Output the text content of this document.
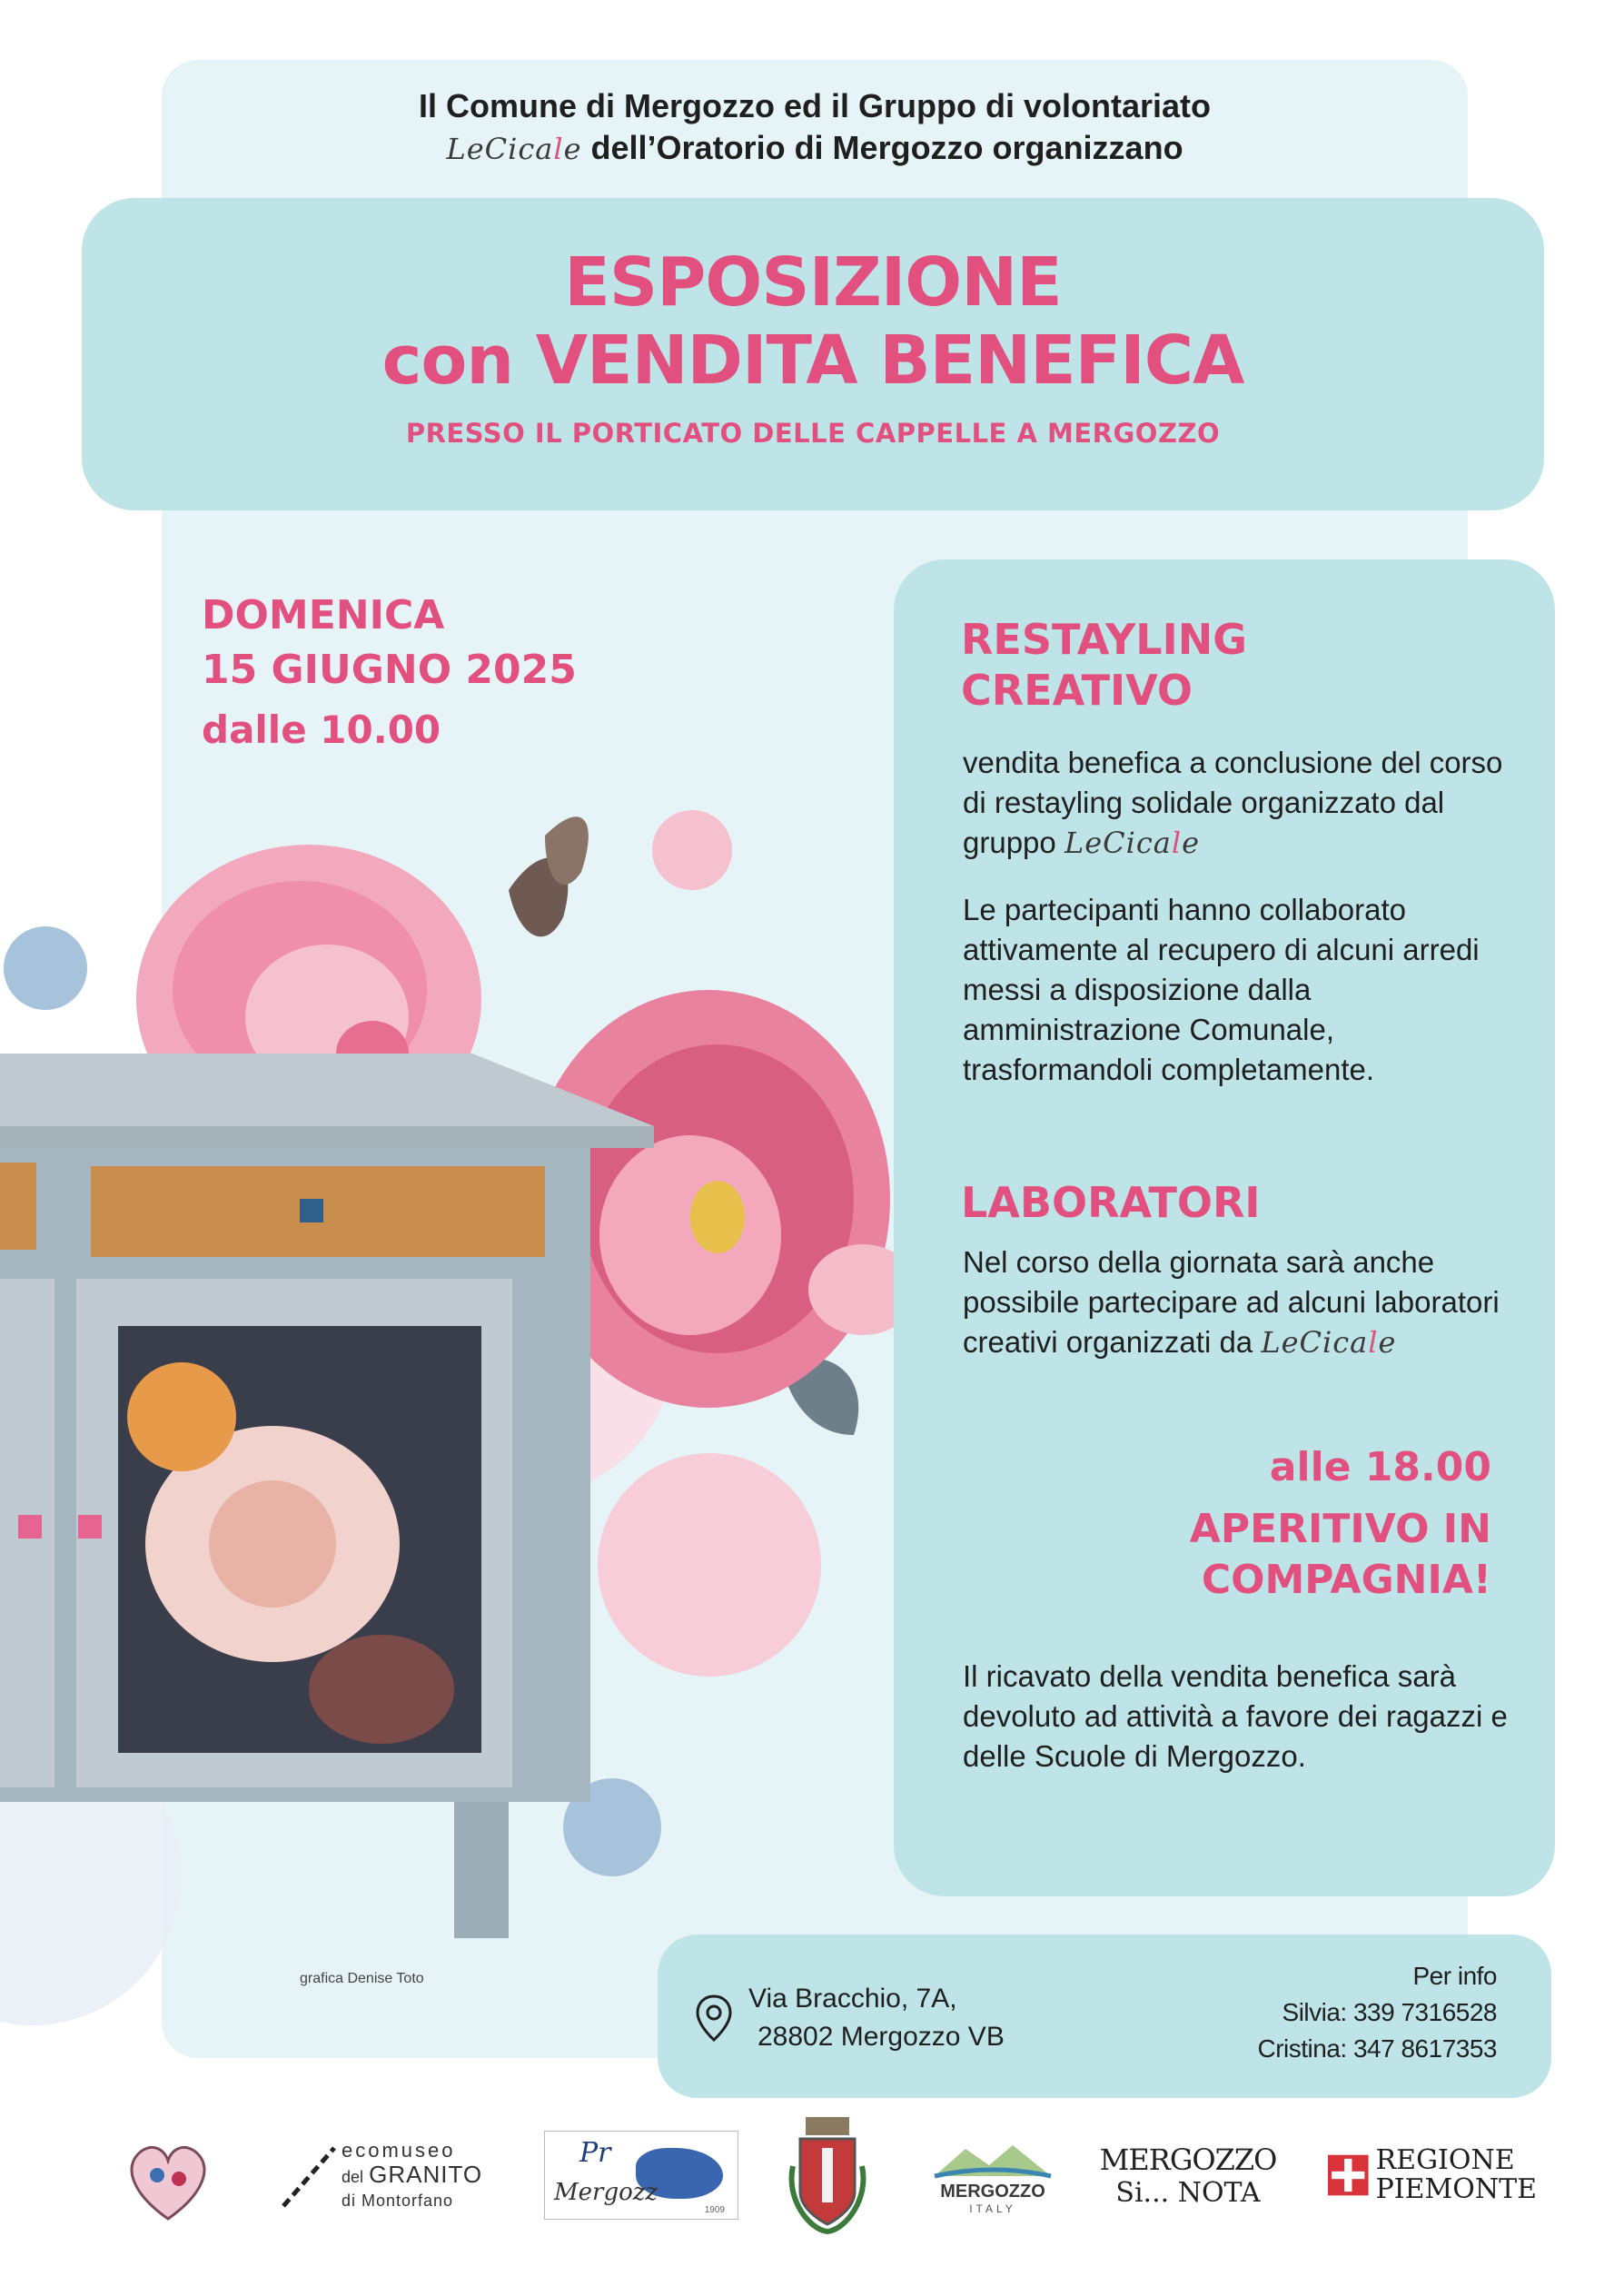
Il Comune di Mergozzo ed il Gruppo di volontariato
LeCicale dell’Oratorio di Mergozzo organizzano
ESPOSIZIONE
con VENDITA BENEFICA
PRESSO IL PORTICATO DELLE CAPPELLE A MERGOZZO
DOMENICA
15 GIUGNO 2025
dalle 10.00
RESTAYLING
CREATIVO
vendita benefica a conclusione del corso di restayling solidale organizzato dal gruppo LeCicale
Le partecipanti hanno collaborato attivamente al recupero di alcuni arredi messi a disposizione dalla amministrazione Comunale, trasformandoli completamente.
LABORATORI
Nel corso della giornata sarà anche possibile partecipare ad alcuni laboratori creativi organizzati da LeCicale
alle 18.00
APERITIVO IN
COMPAGNIA!
Il ricavato della vendita benefica sarà devoluto ad attività a favore dei ragazzi e delle Scuole di Mergozzo.
grafica Denise Toto
Via Bracchio, 7A,
28802 Mergozzo VB
Per info
Silvia: 339 7316528
Cristina: 347 8617353
ecomuseo
del GRANITO
di Montorfano
Pr
Mergozz
1909
MERGOZZO
ITALY
MERGOZZO
Si... NOTA
REGIONE
PIEMONTE
